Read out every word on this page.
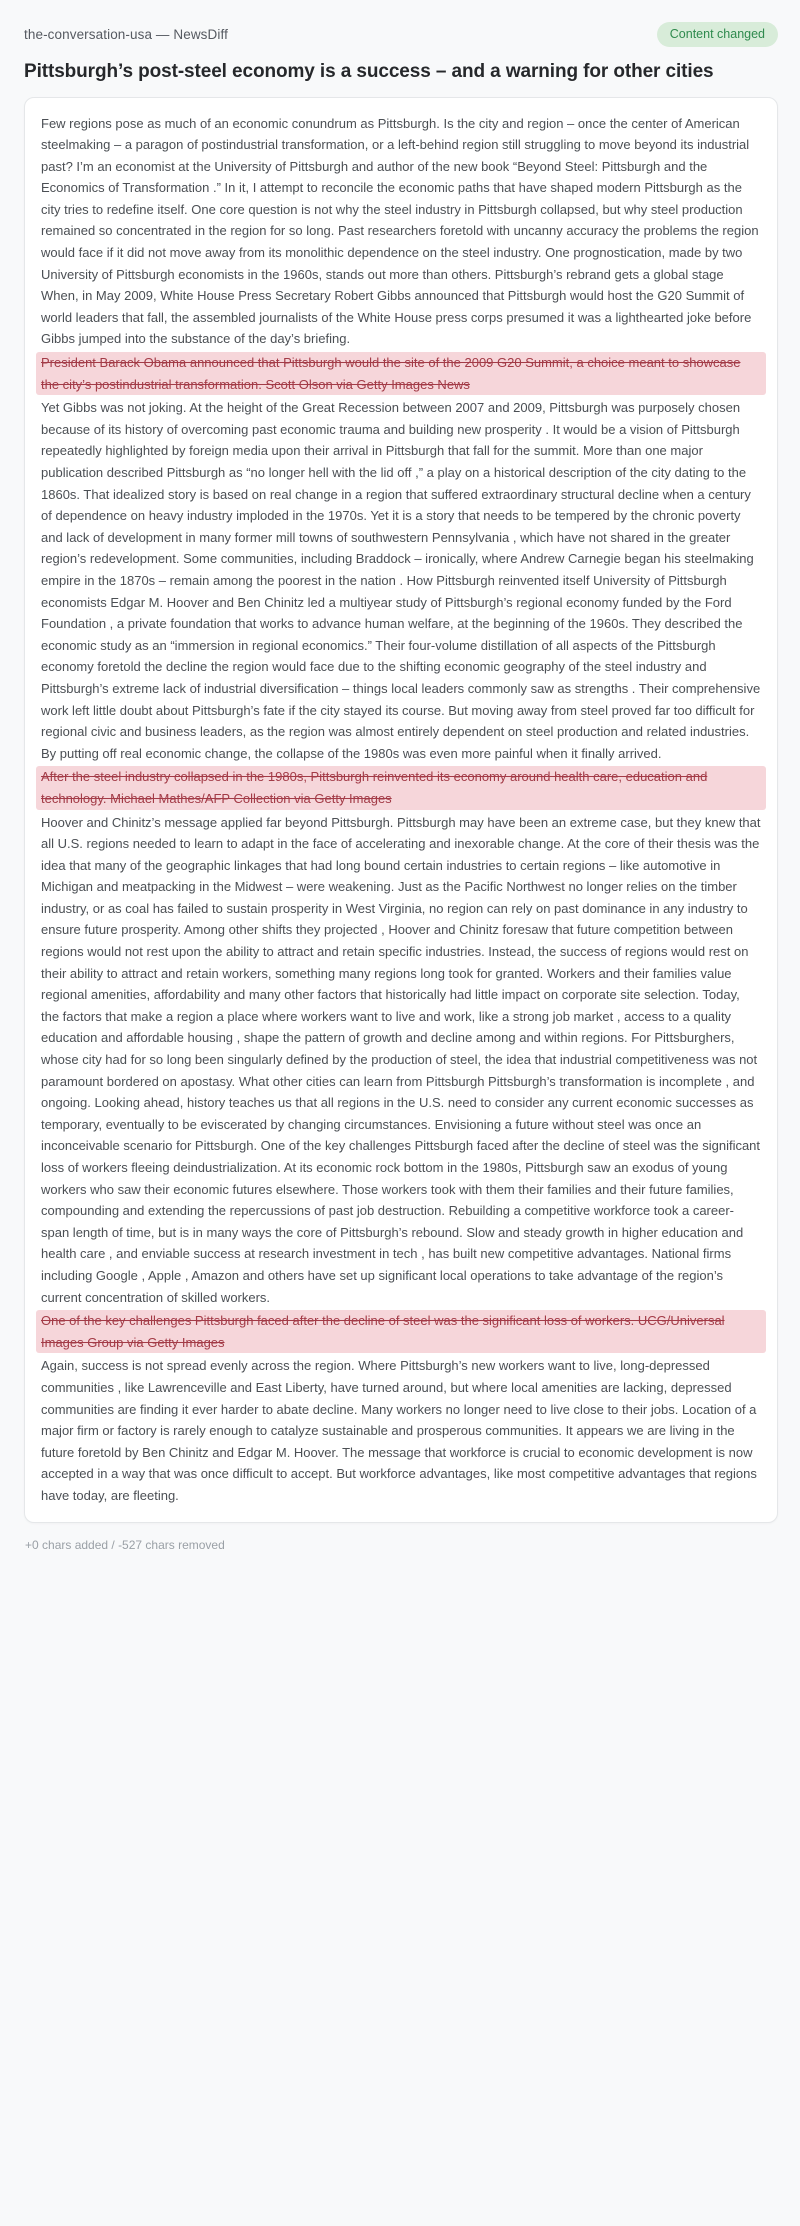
the-conversation-usa — NewsDiff	Content changed
Pittsburgh’s post-steel economy is a success – and a warning for other cities

Few regions pose as much of an economic conundrum as Pittsburgh. Is the city and region – once the center of American steelmaking – a paragon of postindustrial transformation, or a left-behind region still struggling to move beyond its industrial past? I’m an economist at the University of Pittsburgh and author of the new book “Beyond Steel: Pittsburgh and the Economics of Transformation .” In it, I attempt to reconcile the economic paths that have shaped modern Pittsburgh as the city tries to redefine itself. One core question is not why the steel industry in Pittsburgh collapsed, but why steel production remained so concentrated in the region for so long. Past researchers foretold with uncanny accuracy the problems the region would face if it did not move away from its monolithic dependence on the steel industry. One prognostication, made by two University of Pittsburgh economists in the 1960s, stands out more than others. Pittsburgh’s rebrand gets a global stage When, in May 2009, White House Press Secretary Robert Gibbs announced that Pittsburgh would host the G20 Summit of world leaders that fall, the assembled journalists of the White House press corps presumed it was a lighthearted joke before Gibbs jumped into the substance of the day’s briefing.

President Barack Obama announced that Pittsburgh would the site of the 2009 G20 Summit, a choice meant to showcase the city’s postindustrial transformation. Scott Olson via Getty Images News

Yet Gibbs was not joking. At the height of the Great Recession between 2007 and 2009, Pittsburgh was purposely chosen because of its history of overcoming past economic trauma and building new prosperity . It would be a vision of Pittsburgh repeatedly highlighted by foreign media upon their arrival in Pittsburgh that fall for the summit. More than one major publication described Pittsburgh as “no longer hell with the lid off ,” a play on a historical description of the city dating to the 1860s. That idealized story is based on real change in a region that suffered extraordinary structural decline when a century of dependence on heavy industry imploded in the 1970s. Yet it is a story that needs to be tempered by the chronic poverty and lack of development in many former mill towns of southwestern Pennsylvania , which have not shared in the greater region’s redevelopment. Some communities, including Braddock – ironically, where Andrew Carnegie began his steelmaking empire in the 1870s – remain among the poorest in the nation . How Pittsburgh reinvented itself University of Pittsburgh economists Edgar M. Hoover and Ben Chinitz led a multiyear study of Pittsburgh’s regional economy funded by the Ford Foundation , a private foundation that works to advance human welfare, at the beginning of the 1960s. They described the economic study as an “immersion in regional economics.” Their four-volume distillation of all aspects of the Pittsburgh economy foretold the decline the region would face due to the shifting economic geography of the steel industry and Pittsburgh’s extreme lack of industrial diversification – things local leaders commonly saw as strengths . Their comprehensive work left little doubt about Pittsburgh’s fate if the city stayed its course. But moving away from steel proved far too difficult for regional civic and business leaders, as the region was almost entirely dependent on steel production and related industries. By putting off real economic change, the collapse of the 1980s was even more painful when it finally arrived.

After the steel industry collapsed in the 1980s, Pittsburgh reinvented its economy around health care, education and technology. Michael Mathes/AFP Collection via Getty Images

Hoover and Chinitz’s message applied far beyond Pittsburgh. Pittsburgh may have been an extreme case, but they knew that all U.S. regions needed to learn to adapt in the face of accelerating and inexorable change. At the core of their thesis was the idea that many of the geographic linkages that had long bound certain industries to certain regions – like automotive in Michigan and meatpacking in the Midwest – were weakening. Just as the Pacific Northwest no longer relies on the timber industry, or as coal has failed to sustain prosperity in West Virginia, no region can rely on past dominance in any industry to ensure future prosperity. Among other shifts they projected , Hoover and Chinitz foresaw that future competition between regions would not rest upon the ability to attract and retain specific industries. Instead, the success of regions would rest on their ability to attract and retain workers, something many regions long took for granted. Workers and their families value regional amenities, affordability and many other factors that historically had little impact on corporate site selection. Today, the factors that make a region a place where workers want to live and work, like a strong job market , access to a quality education and affordable housing , shape the pattern of growth and decline among and within regions. For Pittsburghers, whose city had for so long been singularly defined by the production of steel, the idea that industrial competitiveness was not paramount bordered on apostasy. What other cities can learn from Pittsburgh Pittsburgh’s transformation is incomplete , and ongoing. Looking ahead, history teaches us that all regions in the U.S. need to consider any current economic successes as temporary, eventually to be eviscerated by changing circumstances. Envisioning a future without steel was once an inconceivable scenario for Pittsburgh. One of the key challenges Pittsburgh faced after the decline of steel was the significant loss of workers fleeing deindustrialization. At its economic rock bottom in the 1980s, Pittsburgh saw an exodus of young workers who saw their economic futures elsewhere. Those workers took with them their families and their future families, compounding and extending the repercussions of past job destruction. Rebuilding a competitive workforce took a career-span length of time, but is in many ways the core of Pittsburgh’s rebound. Slow and steady growth in higher education and health care , and enviable success at research investment in tech , has built new competitive advantages. National firms including Google , Apple , Amazon and others have set up significant local operations to take advantage of the region’s current concentration of skilled workers.

One of the key challenges Pittsburgh faced after the decline of steel was the significant loss of workers. UCG/Universal Images Group via Getty Images

Again, success is not spread evenly across the region. Where Pittsburgh’s new workers want to live, long-depressed communities , like Lawrenceville and East Liberty, have turned around, but where local amenities are lacking, depressed communities are finding it ever harder to abate decline. Many workers no longer need to live close to their jobs. Location of a major firm or factory is rarely enough to catalyze sustainable and prosperous communities. It appears we are living in the future foretold by Ben Chinitz and Edgar M. Hoover. The message that workforce is crucial to economic development is now accepted in a way that was once difficult to accept. But workforce advantages, like most competitive advantages that regions have today, are fleeting.

+0 chars added / -527 chars removed
